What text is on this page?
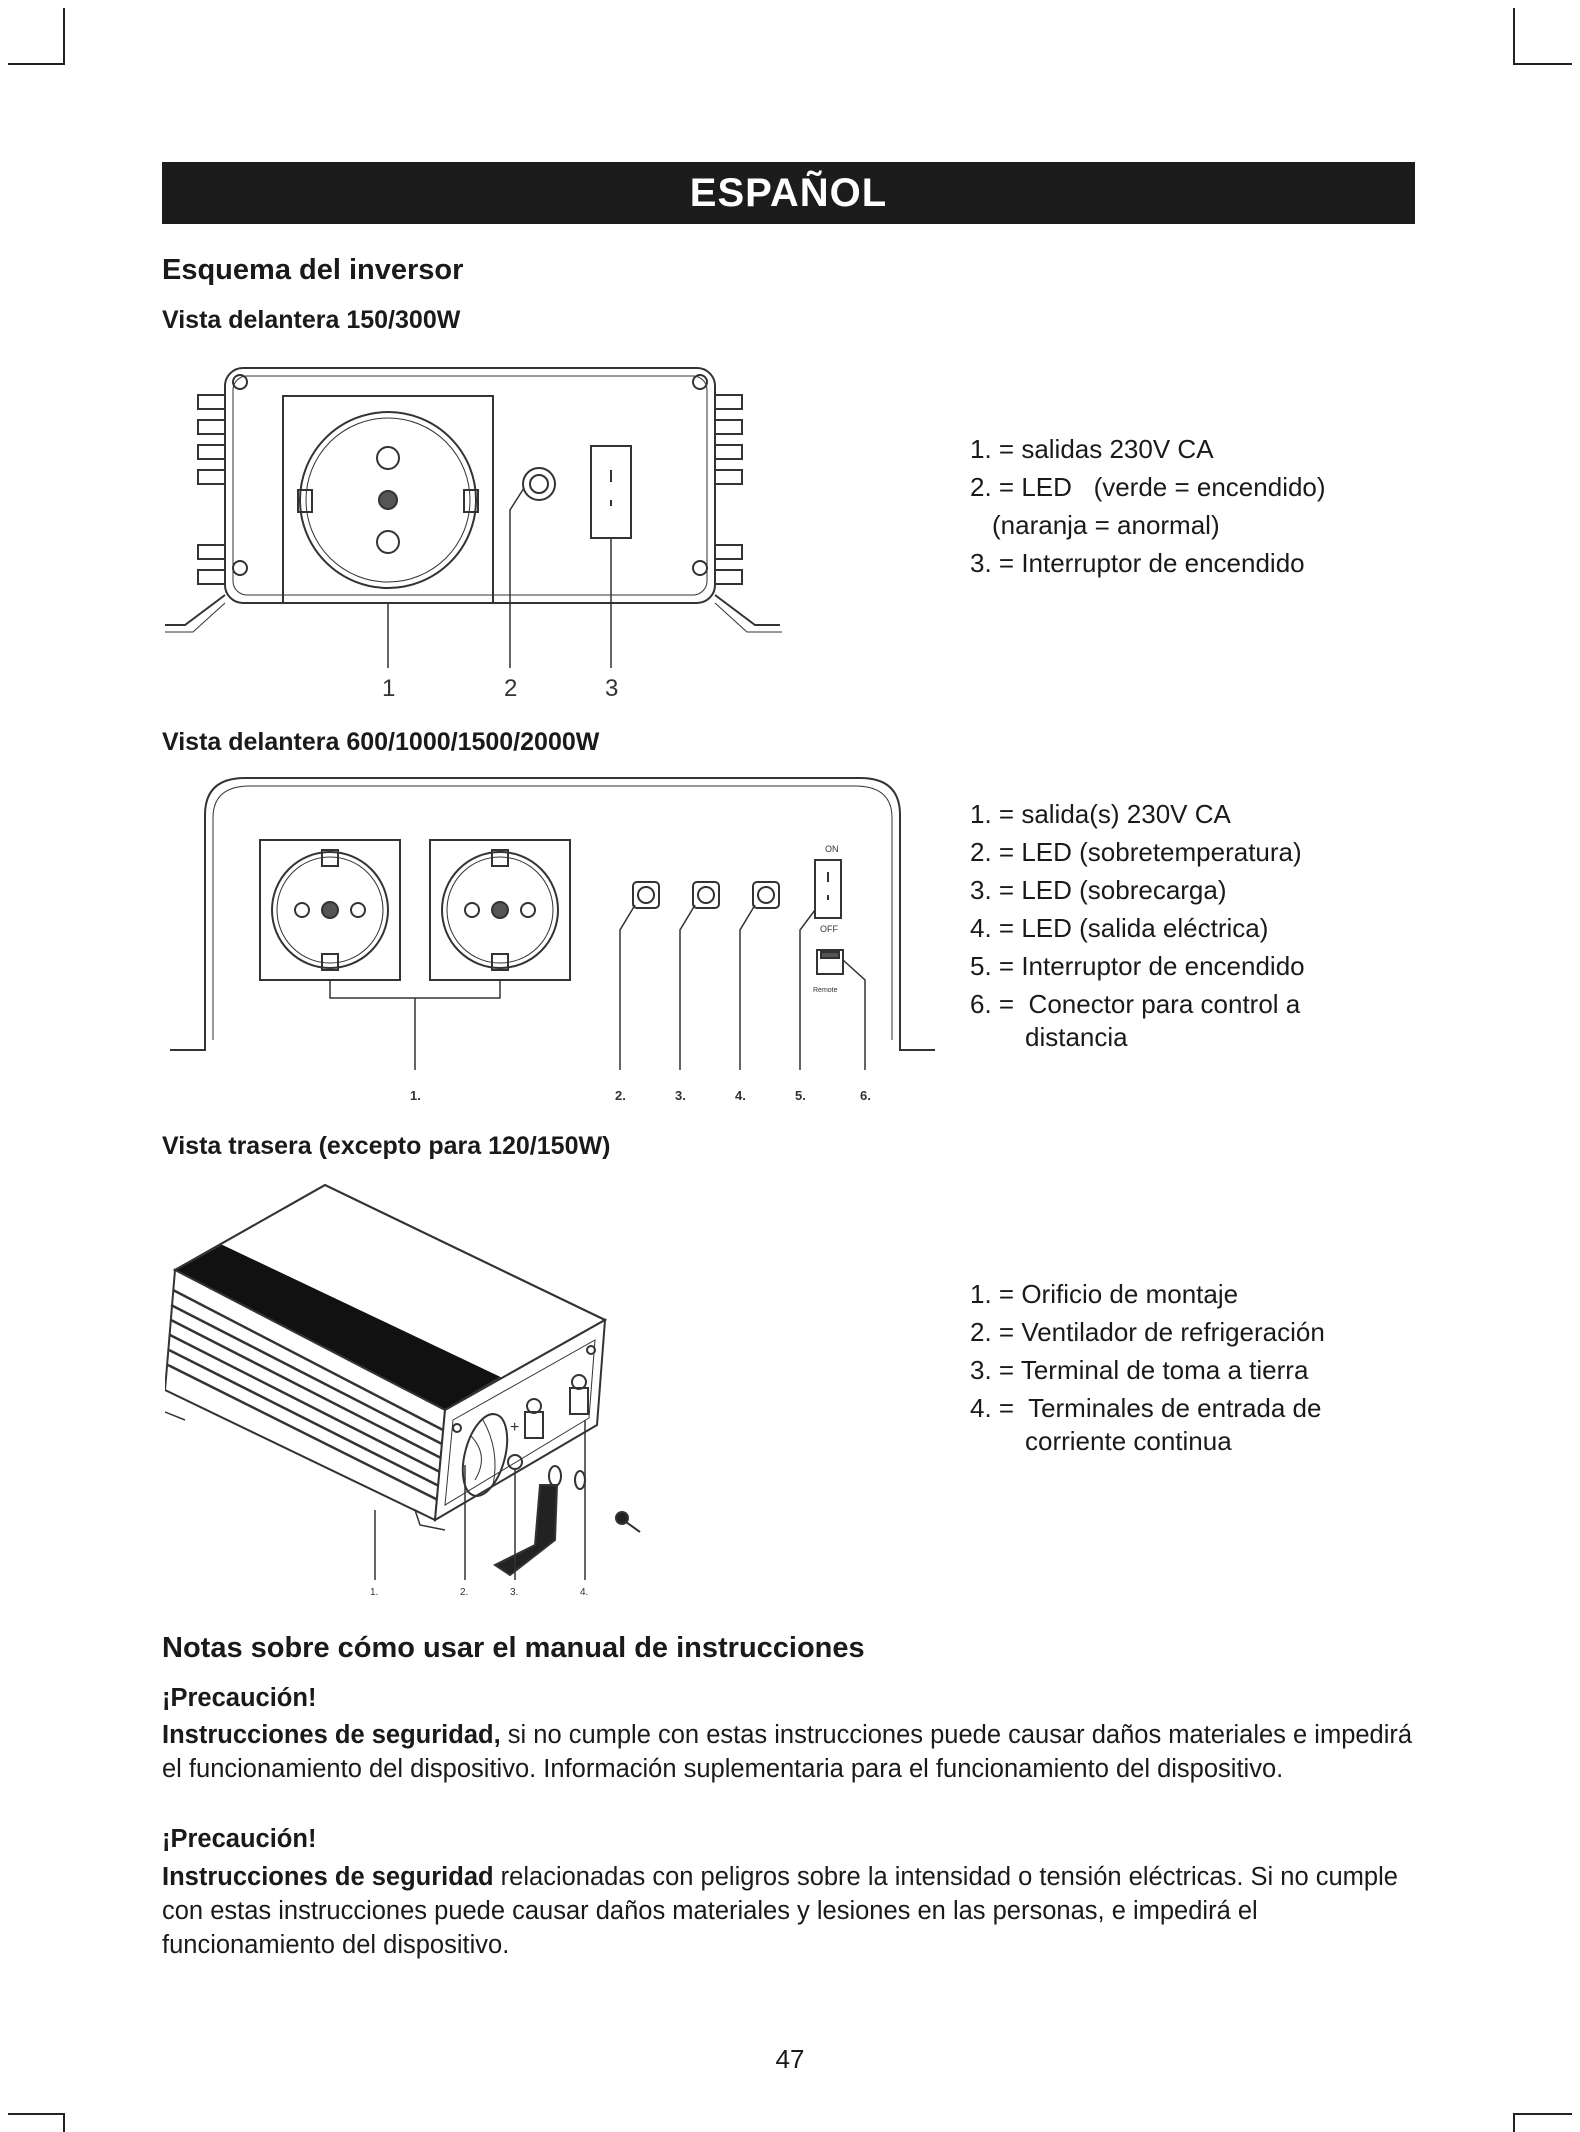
ESPAÑOL
Esquema del inversor
Vista delantera 150/300W
1	2	3
1. = salidas 230V CA
2. = LED   (verde = encendido)
(naranja = anormal)
3. = Interruptor de encendido
Vista delantera 600/1000/1500/2000W
ON
OFF
Remote
1.	2.	3.	4.	5.	6.
1. = salida(s) 230V CA
2. = LED (sobretemperatura)
3. = LED (sobrecarga)
4. = LED (salida eléctrica)
5. = Interruptor de encendido
6. =  Conector para control a
distancia
Vista trasera (excepto para 120/150W)
+
1.	2.	3.	4.
1. = Orificio de montaje
2. = Ventilador de refrigeración
3. = Terminal de toma a tierra
4. =  Terminales de entrada de
corriente continua
Notas sobre cómo usar el manual de instrucciones
¡Precaución!

Instrucciones de seguridad, si no cumple con estas instrucciones puede causar daños materiales e impedirá el funcionamiento del dispositivo. Información suplementaria para el funcionamiento del dispositivo.

¡Precaución!

Instrucciones de seguridad relacionadas con peligros sobre la intensidad o tensión eléctricas. Si no cumple con estas instrucciones puede causar daños materiales y lesiones en las personas, e impedirá el funcionamiento del dispositivo.

47
